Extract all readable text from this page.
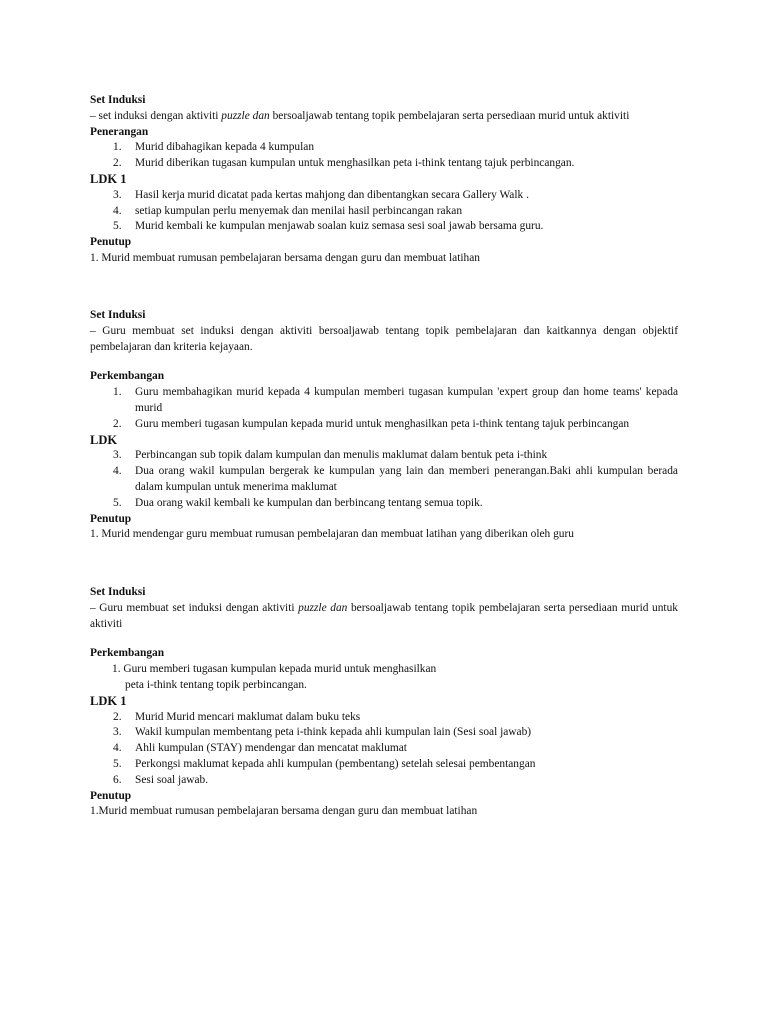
Set Induksi

– set induksi dengan aktiviti puzzle dan bersoaljawab tentang topik pembelajaran serta persediaan murid untuk aktiviti

Penerangan

1. Murid dibahagikan kepada 4 kumpulan
2. Murid diberikan tugasan kumpulan untuk menghasilkan peta i-think tentang tajuk perbincangan.

LDK 1

3. Hasil kerja murid dicatat pada kertas mahjong dan dibentangkan secara Gallery Walk .
4. setiap kumpulan perlu menyemak dan menilai hasil perbincangan rakan
5. Murid kembali ke kumpulan menjawab soalan kuiz semasa sesi soal jawab bersama guru.

Penutup

1. Murid membuat rumusan pembelajaran bersama dengan guru dan membuat latihan

Set Induksi

– Guru membuat set induksi dengan aktiviti bersoaljawab tentang topik pembelajaran dan kaitkannya dengan objektif pembelajaran dan kriteria kejayaan.

Perkembangan

1. Guru membahagikan murid kepada 4 kumpulan memberi tugasan kumpulan 'expert group dan home teams' kepada murid
2. Guru memberi tugasan kumpulan kepada murid untuk menghasilkan peta i-think tentang tajuk perbincangan

LDK

3. Perbincangan sub topik dalam kumpulan dan menulis maklumat dalam bentuk peta i-think
4. Dua orang wakil kumpulan bergerak ke kumpulan yang lain dan memberi penerangan.Baki ahli kumpulan berada dalam kumpulan untuk menerima maklumat
5. Dua orang wakil kembali ke kumpulan dan berbincang tentang semua topik.

Penutup

1. Murid mendengar guru membuat rumusan pembelajaran dan membuat latihan yang diberikan oleh guru

Set Induksi

– Guru membuat set induksi dengan aktiviti puzzle dan bersoaljawab tentang topik pembelajaran serta persediaan murid untuk aktiviti

Perkembangan

1. Guru memberi tugasan kumpulan kepada murid untuk menghasilkan

peta i-think tentang topik perbincangan.

LDK 1

2. Murid Murid mencari maklumat dalam buku teks
3. Wakil kumpulan membentang peta i-think kepada ahli kumpulan lain (Sesi soal jawab)
4. Ahli kumpulan (STAY) mendengar dan mencatat maklumat
5. Perkongsi maklumat kepada ahli kumpulan (pembentang) setelah selesai pembentangan
6. Sesi soal jawab.

Penutup

1.Murid membuat rumusan pembelajaran bersama dengan guru dan membuat latihan
